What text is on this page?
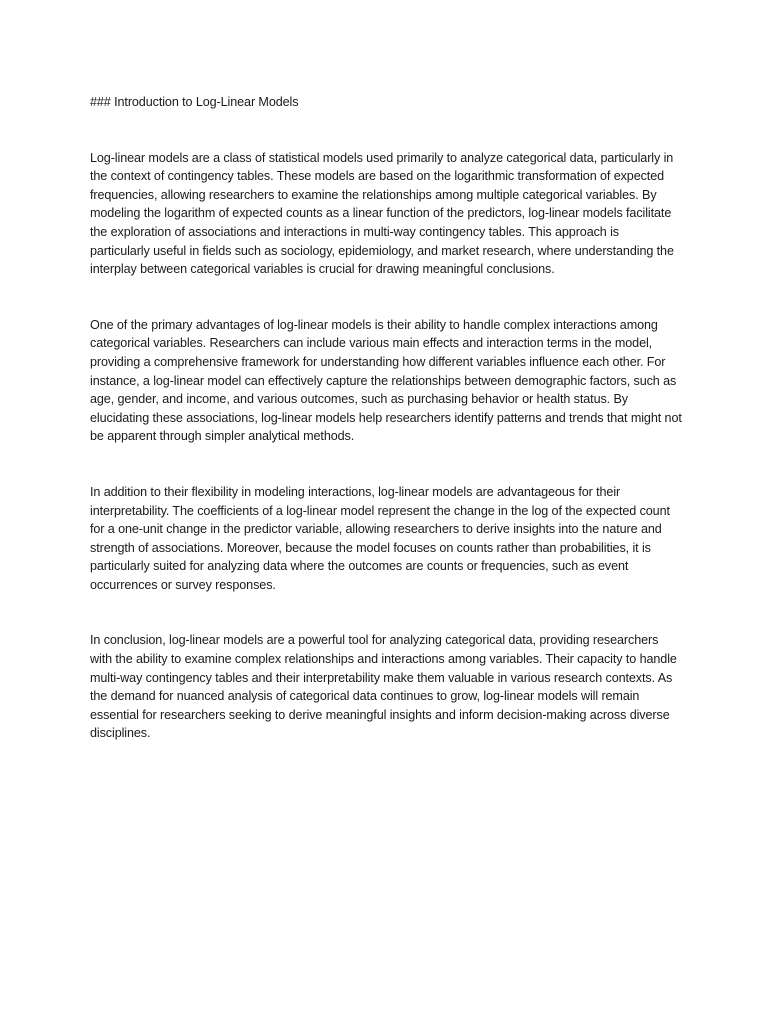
### Introduction to Log-Linear Models

Log-linear models are a class of statistical models used primarily to analyze categorical data, particularly in the context of contingency tables. These models are based on the logarithmic transformation of expected frequencies, allowing researchers to examine the relationships among multiple categorical variables. By modeling the logarithm of expected counts as a linear function of the predictors, log-linear models facilitate the exploration of associations and interactions in multi-way contingency tables. This approach is particularly useful in fields such as sociology, epidemiology, and market research, where understanding the interplay between categorical variables is crucial for drawing meaningful conclusions.

One of the primary advantages of log-linear models is their ability to handle complex interactions among categorical variables. Researchers can include various main effects and interaction terms in the model, providing a comprehensive framework for understanding how different variables influence each other. For instance, a log-linear model can effectively capture the relationships between demographic factors, such as age, gender, and income, and various outcomes, such as purchasing behavior or health status. By elucidating these associations, log-linear models help researchers identify patterns and trends that might not be apparent through simpler analytical methods.

In addition to their flexibility in modeling interactions, log-linear models are advantageous for their interpretability. The coefficients of a log-linear model represent the change in the log of the expected count for a one-unit change in the predictor variable, allowing researchers to derive insights into the nature and strength of associations. Moreover, because the model focuses on counts rather than probabilities, it is particularly suited for analyzing data where the outcomes are counts or frequencies, such as event occurrences or survey responses.

In conclusion, log-linear models are a powerful tool for analyzing categorical data, providing researchers with the ability to examine complex relationships and interactions among variables. Their capacity to handle multi-way contingency tables and their interpretability make them valuable in various research contexts. As the demand for nuanced analysis of categorical data continues to grow, log-linear models will remain essential for researchers seeking to derive meaningful insights and inform decision-making across diverse disciplines.
